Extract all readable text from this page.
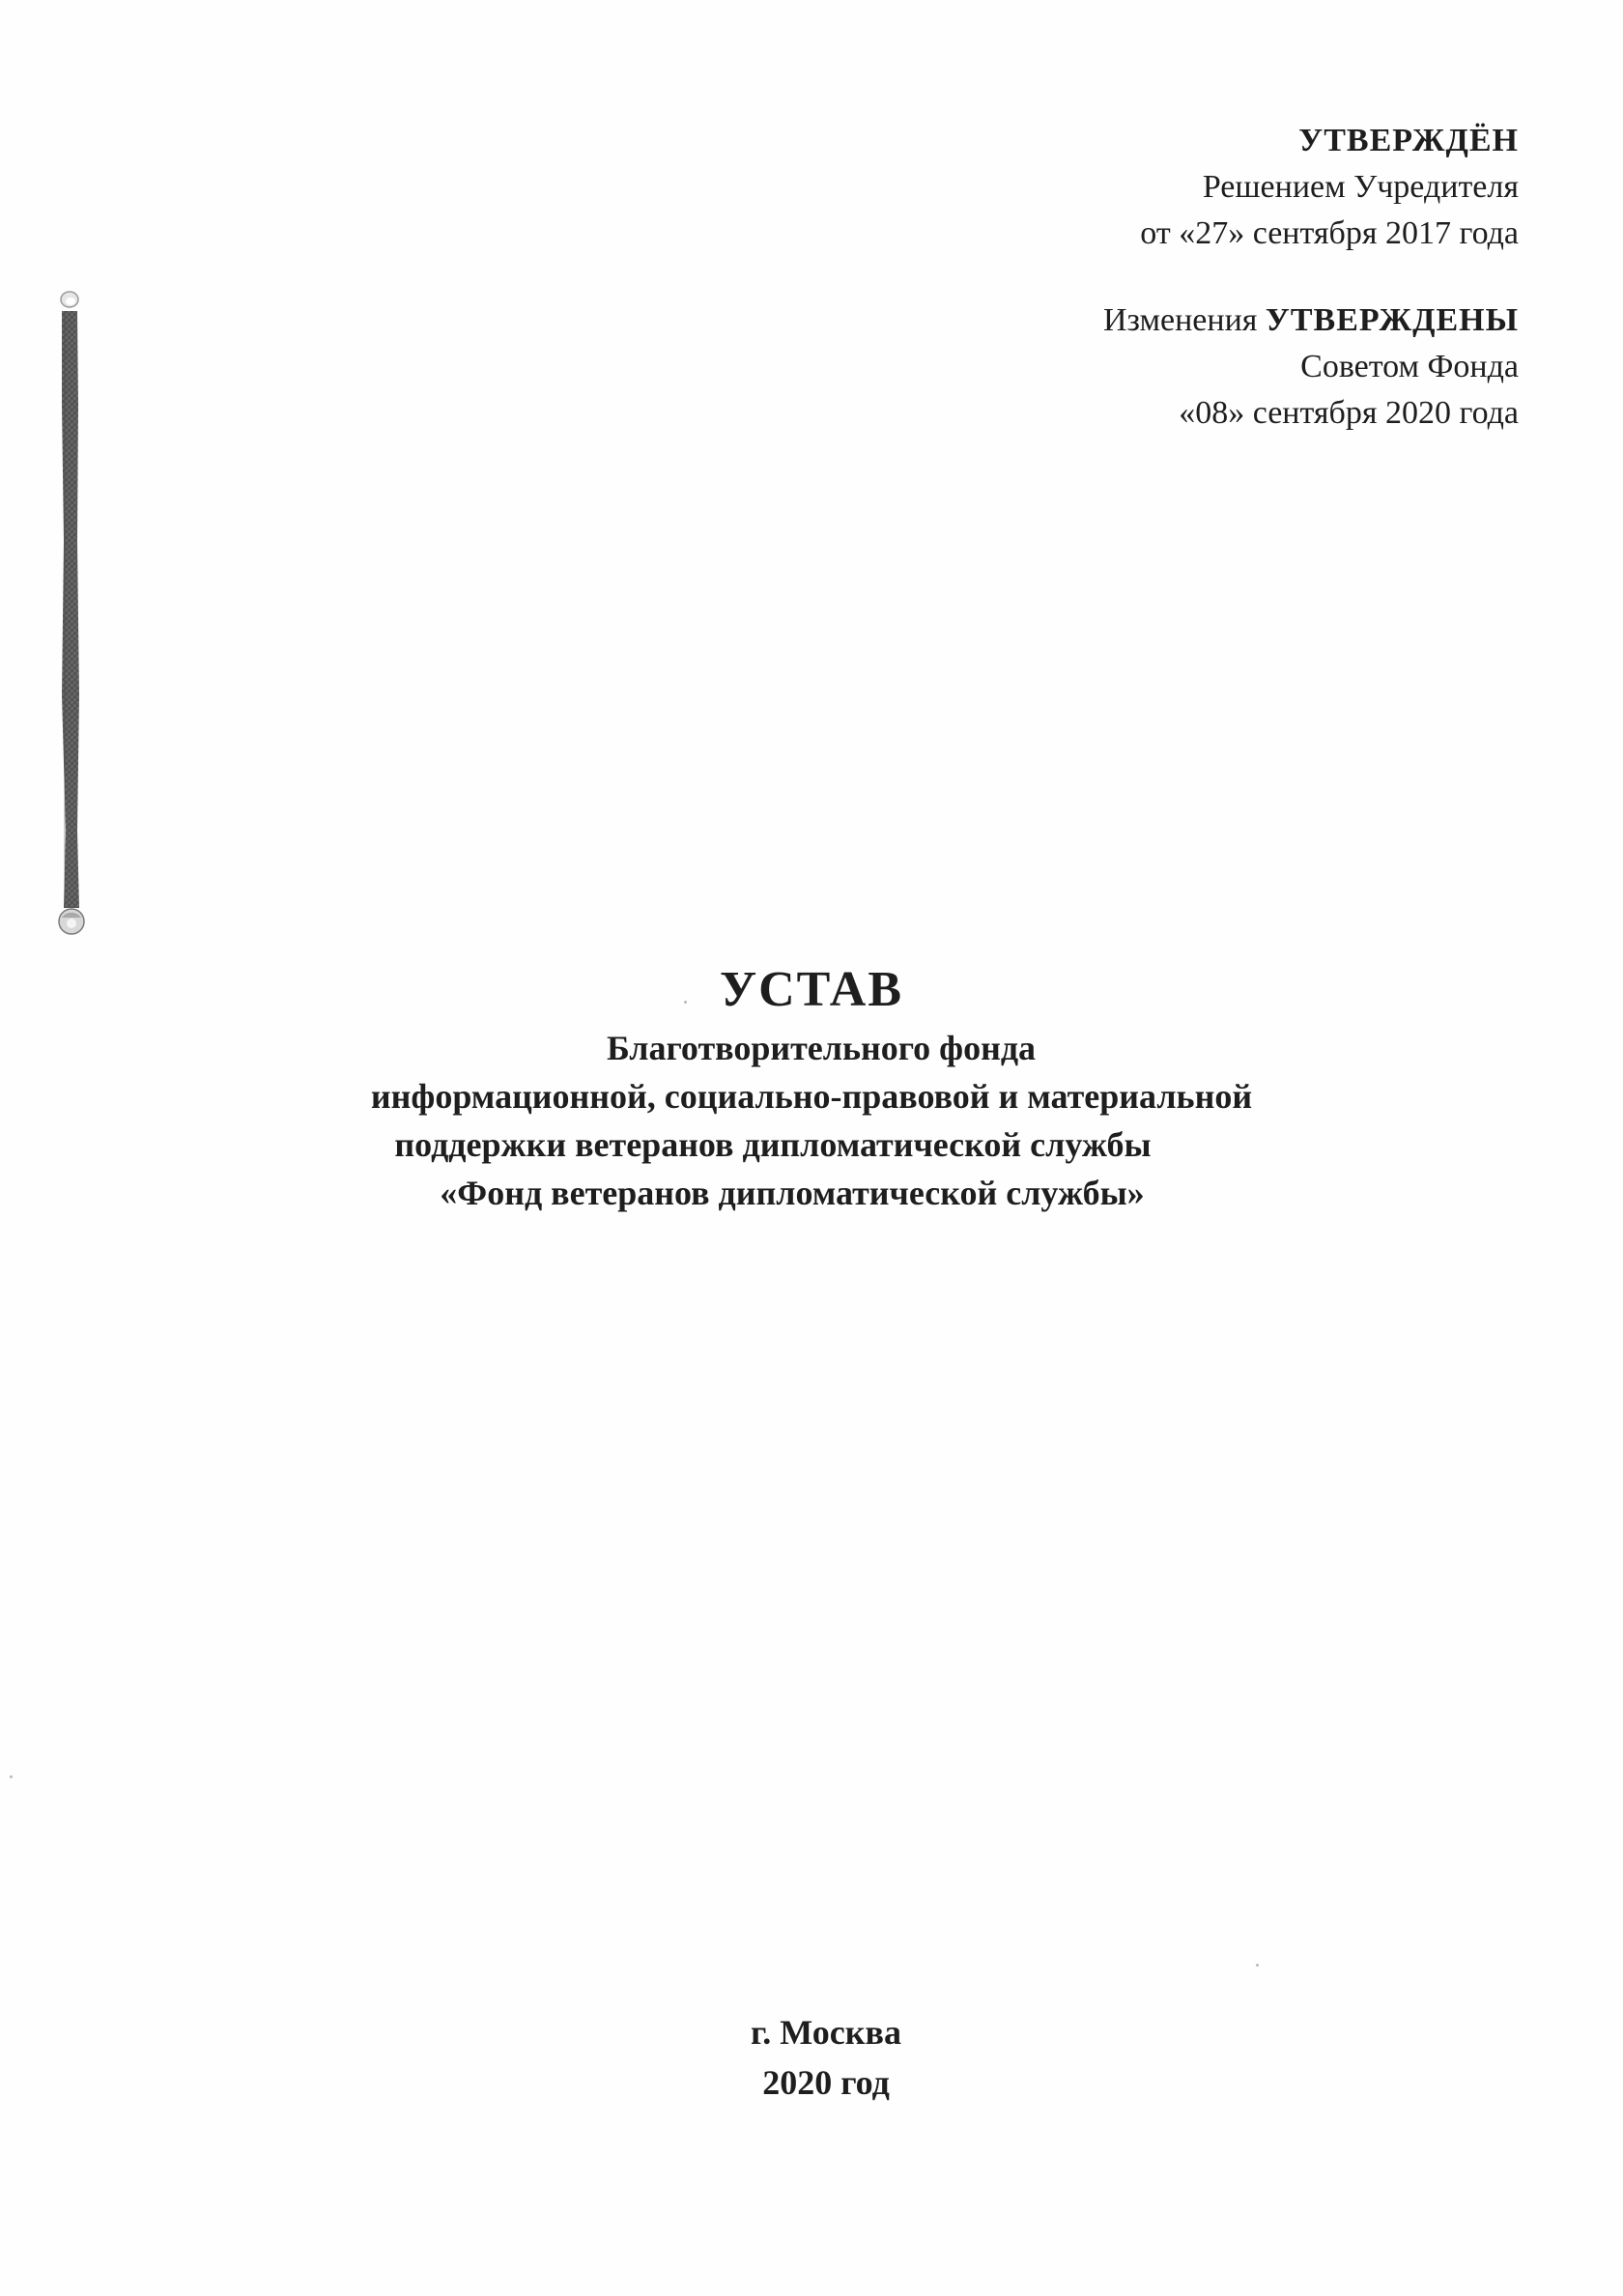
УТВЕРЖДЁН
Решением Учредителя
от «27» сентября 2017 года
Изменения УТВЕРЖДЕНЫ
Советом Фонда
«08» сентября 2020 года
УСТАВ
Благотворительного фонда
информационной, социально-правовой и материальной
поддержки ветеранов дипломатической службы
«Фонд ветеранов дипломатической службы»
г. Москва
2020 год
